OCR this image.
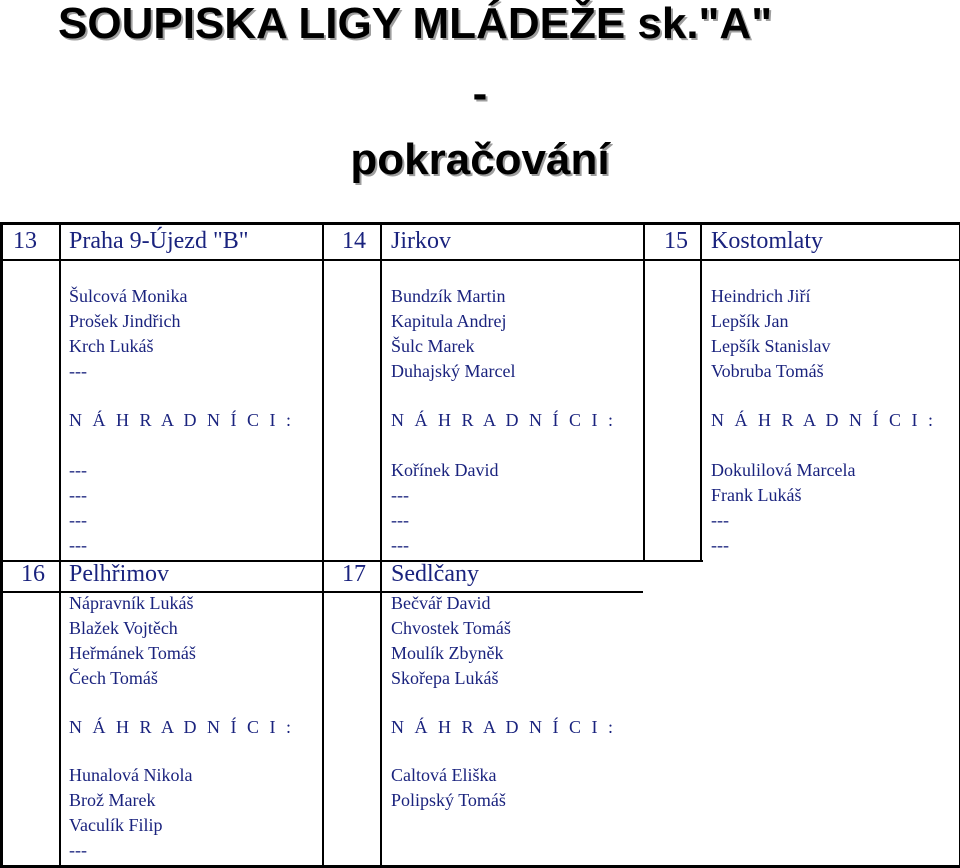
SOUPISKA LIGY MLÁDEŽE sk."A"
-
pokračování
13 Praha 9-Újezd "B"
Šulcová Monika
Prošek Jindřich
Krch Lukáš
---
N Á H R A D N Í C I :
---
---
---
---
14 Jirkov
Bundzík Martin
Kapitula Andrej
Šulc Marek
Duhajský Marcel
N Á H R A D N Í C I :
Kořínek David
---
---
---
15 Kostomlaty
Heindrich Jiří
Lepšík Jan
Lepšík Stanislav
Vobruba Tomáš
N Á H R A D N Í C I :
Dokulilová Marcela
Frank Lukáš
---
---
16 Pelhřimov
Nápravník Lukáš
Blažek Vojtěch
Heřmánek Tomáš
Čech Tomáš
N Á H R A D N Í C I :
Hunalová Nikola
Brož Marek
Vaculík Filip
---
17 Sedlčany
Bečvář David
Chvostek Tomáš
Moulík Zbyněk
Skořepa Lukáš
N Á H R A D N Í C I :
Caltová Eliška
Polipský Tomáš
